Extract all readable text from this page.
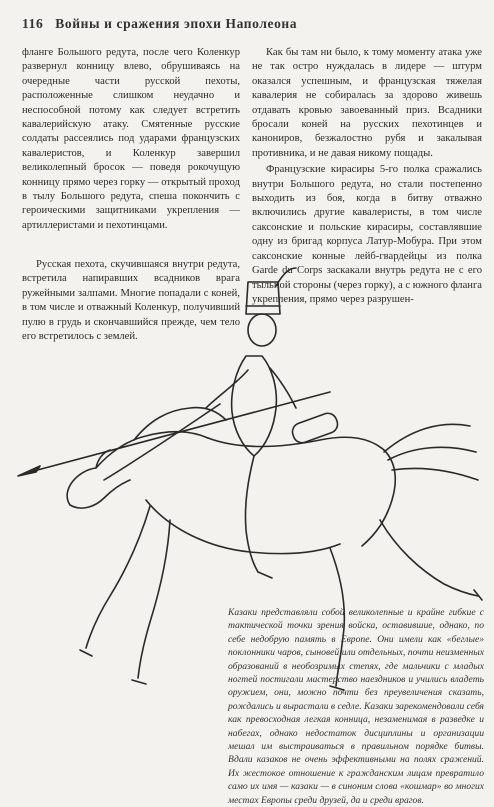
116 Войны и сражения эпохи Наполеона

фланге Большого редута, после чего Коленкур развернул конницу влево, обрушиваясь на очередные части русской пехоты, расположенные слишком неудачно и неспособной потому как следует встретить кавалерийскую атаку. Смятенные русские солдаты рассеялись под ударами французских кавалеристов, и Коленкур завершил великолепный бросок — поведя рокочущую конницу прямо через горку — открытый проход в тылу Большого редута, спеша покончить с героическими защитниками укрепления — артиллеристами и пехотинцами.

Русская пехота, скучившаяся внутри редута, встретила напиравших всадников врага ружейными залпами. Многие попадали с коней, в том числе и отважный Коленкур, получивший пулю в грудь и скончавшийся прежде, чем тело его встретилось с землей.

Как бы там ни было, к тому моменту атака уже не так остро нуждалась в лидере — штурм оказался успешным, и французская тяжелая кавалерия не собиралась за здорово живешь отдавать кровью завоеванный приз. Всадники бросали коней на русских пехотинцев и канониров, безжалостно рубя и закалывая противника, и не давая никому пощады.

Французские кирасиры 5-го полка сражались внутри Большого редута, но стали постепенно выходить из боя, когда в битву отважно включились другие кавалеристы, в том числе саксонские и польские кирасиры, составлявшие одну из бригад корпуса Латур-Мобура. При этом саксонские конные лейб-гвардейцы из полка Garde du Corps заскакали внутрь редута не с его тыльной стороны (через горку), а с южного фланга укрепления, прямо через разрушен-

Казаки представляли собой великолепные и крайне гибкие с тактической точки зрения войска, оставившие, однако, по себе недобрую память в Европе. Они имели как «беглые» поклонники чаров, сыновей или отдельных, почти неизменных образований в необозримых степях, где мальчики с младых ногтей постигали мастерство наездников и учились владеть оружием, они, можно почти без преувеличения сказать, рождались и вырастали в седле. Казаки зарекомендовали себя как превосходная легкая конница, незаменимая в разведке и набегах, однако недостаток дисциплины и организации мешал им выстраиваться в правильном порядке битвы. Вдали казаков не очень эффективными на полях сражений. Их жестокое отношение к гражданским лицам превратило само их имя — казаки — в синоним слова «кошмар» во многих местах Европы среди друзей, да и среди врагов.
